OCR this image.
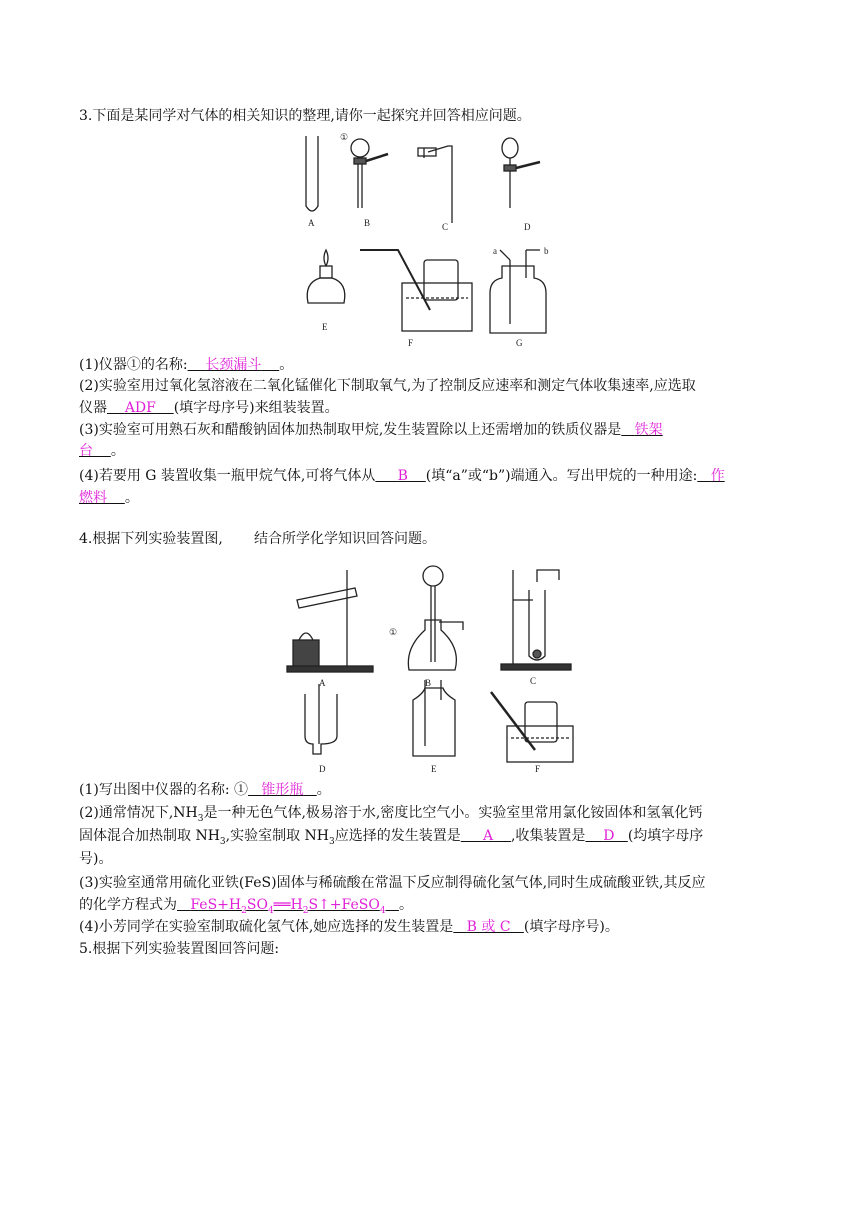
3.下面是某同学对气体的相关知识的整理,请你一起探究并回答相应问题。
①
A	B	C	D
E
F	G
a	b
(1)仪器①的名称: 长颈漏斗 。
(2)实验室用过氧化氢溶液在二氧化锰催化下制取氧气,为了控制反应速率和测定气体收集速率,应选取
仪器 ADF (填字母序号)来组装装置。
(3)实验室可用熟石灰和醋酸钠固体加热制取甲烷,发生装置除以上还需增加的铁质仪器是 铁架
台 。
(4)若要用 G 装置收集一瓶甲烷气体,可将气体从 B (填“a”或“b”)端通入。写出甲烷的一种用途: 作
燃料 。
4.根据下列实验装置图, 结合所学化学知识回答问题。
①
A	B	C
D	E	F
(1)写出图中仪器的名称: ① 锥形瓶 。
(2)通常情况下$,NH_3$是一种无色气体,极易溶于水,密度比空气小。实验室里常用氯化铵固体和氢氧化钙
固体混合加热制取 $NH_3$,实验室制取 $NH_3$应选择的发生装置是 A ,收集装置是 D (均填字母序
号)。
(3)实验室通常用硫化亚铁(FeS)固体与稀硫酸在常温下反应制得硫化氢气体,同时生成硫酸亚铁,其反应
的化学方程式为 $FeS+H_2SO_4══H_2S↑+FeSO_4$ 。
(4)小芳同学在实验室制取硫化氢气体,她应选择的发生装置是 B 或 C (填字母序号)。
5.根据下列实验装置图回答问题:
